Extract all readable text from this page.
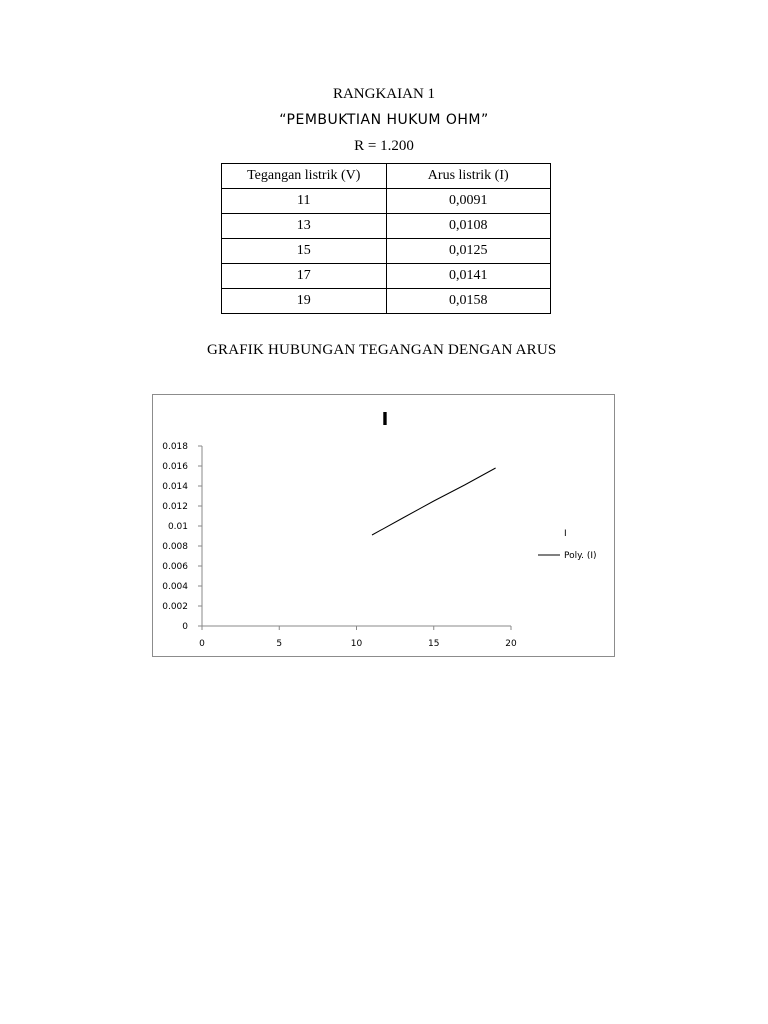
RANGKAIAN 1
“PEMBUKTIAN HUKUM OHM”
R = 1.200
Tegangan listrik (V)	Arus listrik (I)
11	0,0091
13	0,0108
15	0,0125
17	0,0141
19	0,0158
GRAFIK HUBUNGAN TEGANGAN DENGAN ARUS
I
0
0.002
0.004
0.006
0.008
0.01
0.012
0.014
0.016
0.018
0	5	10	15	20
I
Poly. (I)
